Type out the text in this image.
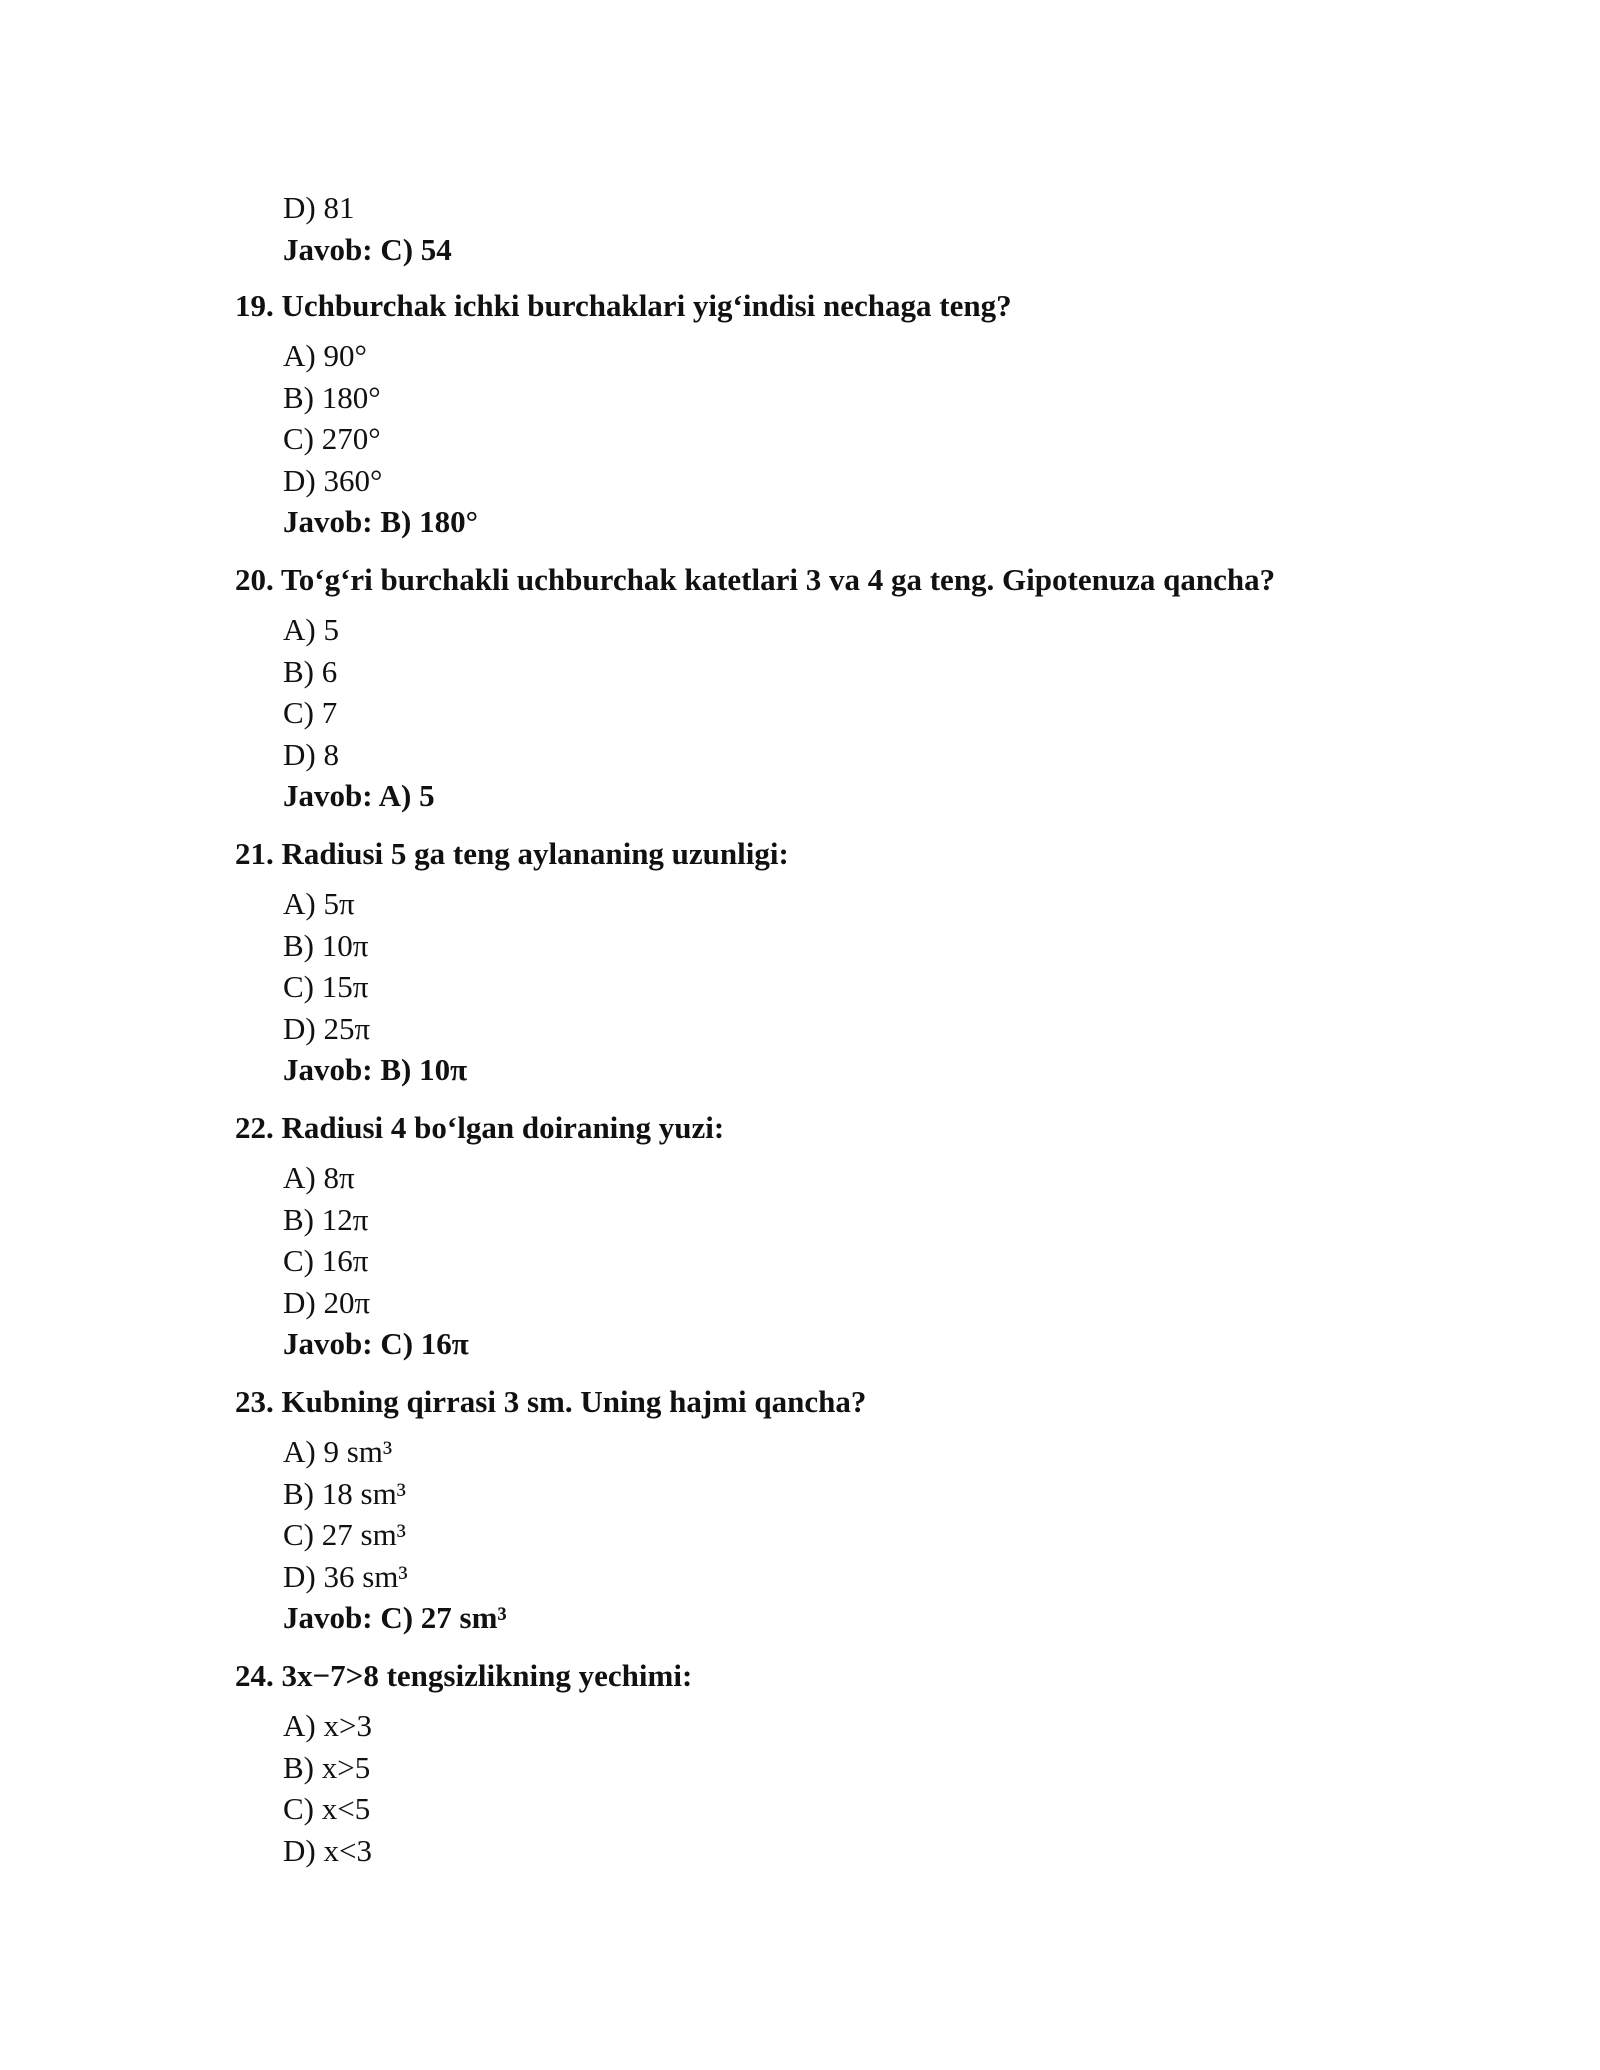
D) 81
Javob: C) 54
19. Uchburchak ichki burchaklari yig‘indisi nechaga teng?
A) 90°
B) 180°
C) 270°
D) 360°
Javob: B) 180°
20. To‘g‘ri burchakli uchburchak katetlari 3 va 4 ga teng. Gipotenuza qancha?
A) 5
B) 6
C) 7
D) 8
Javob: A) 5
21. Radiusi 5 ga teng aylananing uzunligi:
A) 5π
B) 10π
C) 15π
D) 25π
Javob: B) 10π
22. Radiusi 4 bo‘lgan doiraning yuzi:
A) 8π
B) 12π
C) 16π
D) 20π
Javob: C) 16π
23. Kubning qirrasi 3 sm. Uning hajmi qancha?
A) 9 sm³
B) 18 sm³
C) 27 sm³
D) 36 sm³
Javob: C) 27 sm³
24. 3x−7>8 tengsizlikning yechimi:
A) x>3
B) x>5
C) x<5
D) x<3
